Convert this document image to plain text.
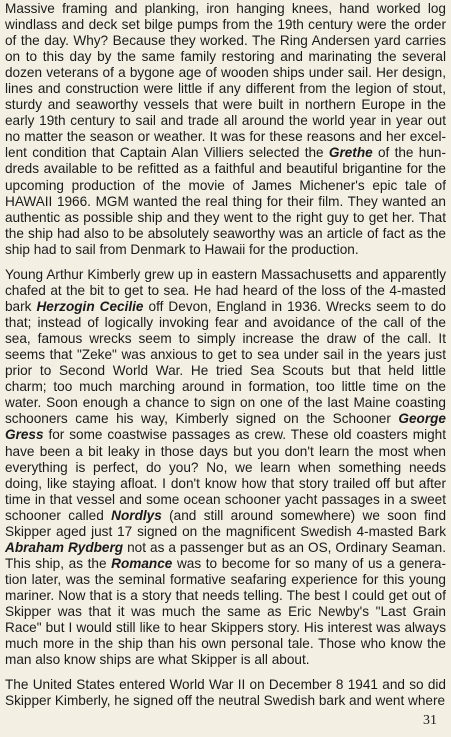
Massive framing and planking, iron hanging knees, hand worked log
windlass and deck set bilge pumps from the 19th century were the order
of the day. Why? Because they worked. The Ring Andersen yard carries
on to this day by the same family restoring and marinating the several
dozen veterans of a bygone age of wooden ships under sail. Her design,
lines and construction were little if any different from the legion of stout,
sturdy and seaworthy vessels that were built in northern Europe in the
early 19th century to sail and trade all around the world year in year out
no matter the season or weather. It was for these reasons and her excel-
lent condition that Captain Alan Villiers selected the Grethe of the hun-
dreds available to be refitted as a faithful and beautiful brigantine for the
upcoming production of the movie of James Michener's epic tale of
HAWAII 1966. MGM wanted the real thing for their film. They wanted an
authentic as possible ship and they went to the right guy to get her. That
the ship had also to be absolutely seaworthy was an article of fact as the
ship had to sail from Denmark to Hawaii for the production.
Young Arthur Kimberly grew up in eastern Massachusetts and apparently
chafed at the bit to get to sea. He had heard of the loss of the 4-masted
bark Herzogin Cecilie off Devon, England in 1936. Wrecks seem to do
that; instead of logically invoking fear and avoidance of the call of the
sea, famous wrecks seem to simply increase the draw of the call. It
seems that "Zeke" was anxious to get to sea under sail in the years just
prior to Second World War. He tried Sea Scouts but that held little
charm; too much marching around in formation, too little time on the
water. Soon enough a chance to sign on one of the last Maine coasting
schooners came his way, Kimberly signed on the Schooner George
Gress for some coastwise passages as crew. These old coasters might
have been a bit leaky in those days but you don't learn the most when
everything is perfect, do you? No, we learn when something needs
doing, like staying afloat. I don't know how that story trailed off but after
time in that vessel and some ocean schooner yacht passages in a sweet
schooner called Nordlys (and still around somewhere) we soon find
Skipper aged just 17 signed on the magnificent Swedish 4-masted Bark
Abraham Rydberg not as a passenger but as an OS, Ordinary Seaman.
This ship, as the Romance was to become for so many of us a genera-
tion later, was the seminal formative seafaring experience for this young
mariner. Now that is a story that needs telling. The best I could get out of
Skipper was that it was much the same as Eric Newby's "Last Grain
Race" but I would still like to hear Skippers story. His interest was always
much more in the ship than his own personal tale. Those who know the
man also know ships are what Skipper is all about.
The United States entered World War II on December 8 1941 and so did
Skipper Kimberly, he signed off the neutral Swedish bark and went where
31
